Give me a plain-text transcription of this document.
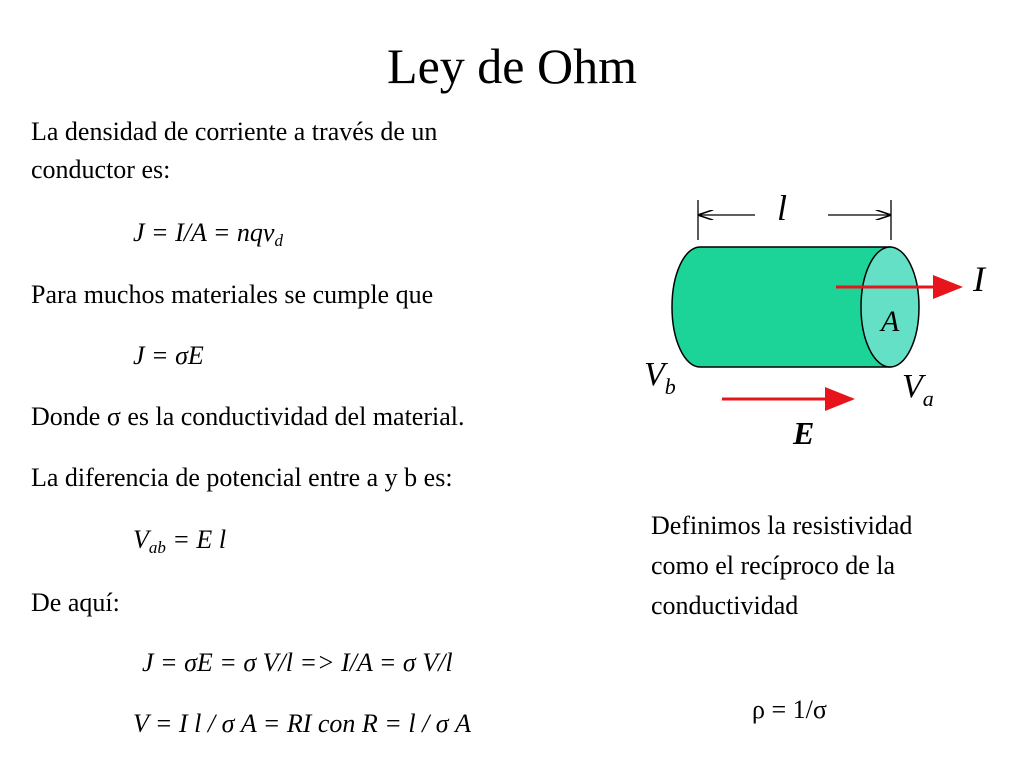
Ley de Ohm
La densidad de corriente a través de un
conductor es:
J = I/A = nqv$_d$
Para muchos materiales se cumple que
J = σE
Donde σ es la conductividad del material.
La diferencia de potencial entre a y b es:
$V_{ab} = E$ l
De aquí:
J = σE = σ V/l => I/A = σ V/l
V = I l / σ A = RI con R = l / σ A
l
A
I
$V_b$	$V_a$
E
Definimos la resistividad como el recíproco de la conductividad
ρ = 1/σ
